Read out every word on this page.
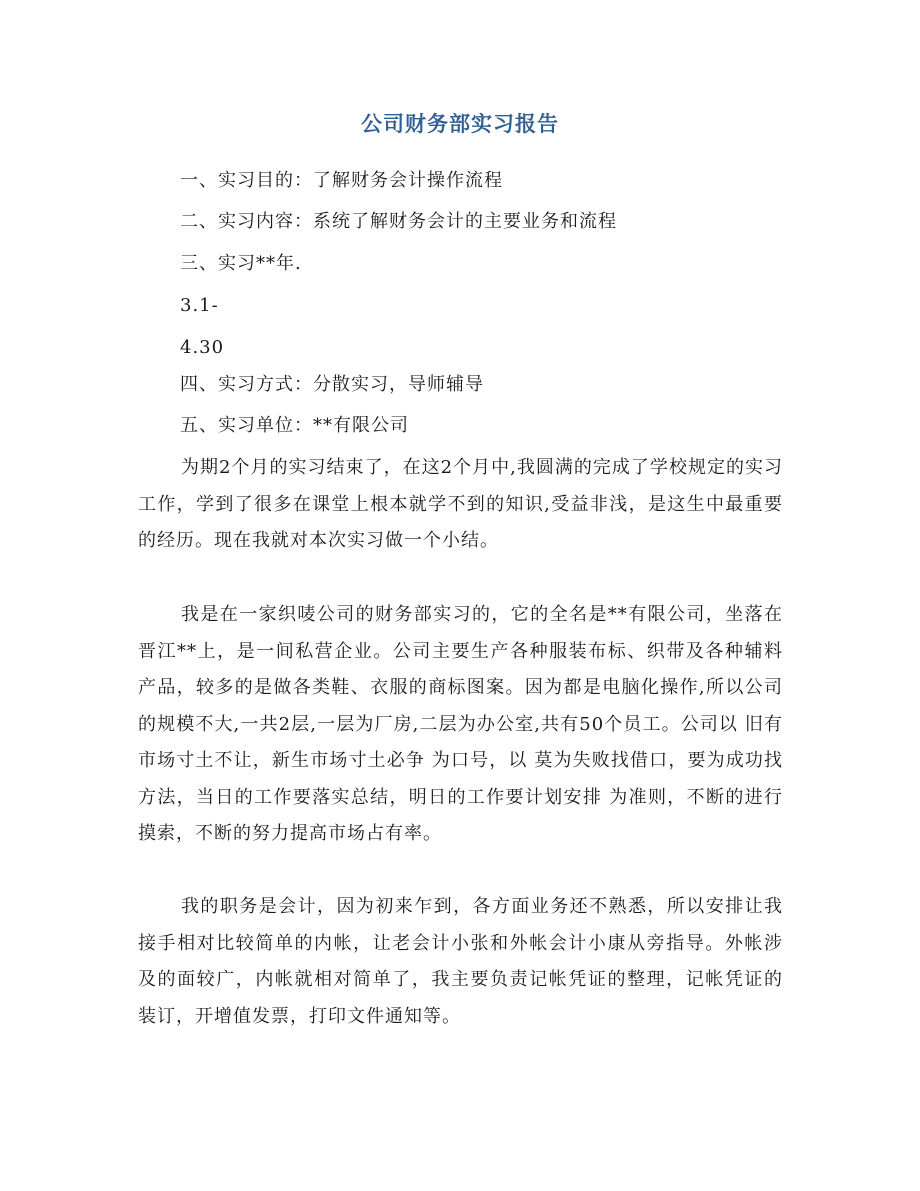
公司财务部实习报告
一、实习目的：了解财务会计操作流程
二、实习内容：系统了解财务会计的主要业务和流程
三、实习**年.
3.1-
4.30
四、实习方式：分散实习，导师辅导
五、实习单位：**有限公司
为期2个月的实习结束了，在这2个月中,我圆满的完成了学校规定的实习工作，学到了很多在课堂上根本就学不到的知识,受益非浅，是这生中最重要的经历。现在我就对本次实习做一个小结。
我是在一家织唛公司的财务部实习的，它的全名是**有限公司，坐落在晋江**上，是一间私营企业。公司主要生产各种服装布标、织带及各种辅料产品，较多的是做各类鞋、衣服的商标图案。因为都是电脑化操作,所以公司的规模不大,一共2层,一层为厂房,二层为办公室,共有50个员工。公司以 旧有市场寸土不让，新生市场寸土必争 为口号，以 莫为失败找借口，要为成功找方法，当日的工作要落实总结，明日的工作要计划安排 为准则，不断的进行摸索，不断的努力提高市场占有率。
我的职务是会计，因为初来乍到，各方面业务还不熟悉，所以安排让我接手相对比较简单的内帐，让老会计小张和外帐会计小康从旁指导。外帐涉及的面较广，内帐就相对简单了，我主要负责记帐凭证的整理，记帐凭证的装订，开增值发票，打印文件通知等。
